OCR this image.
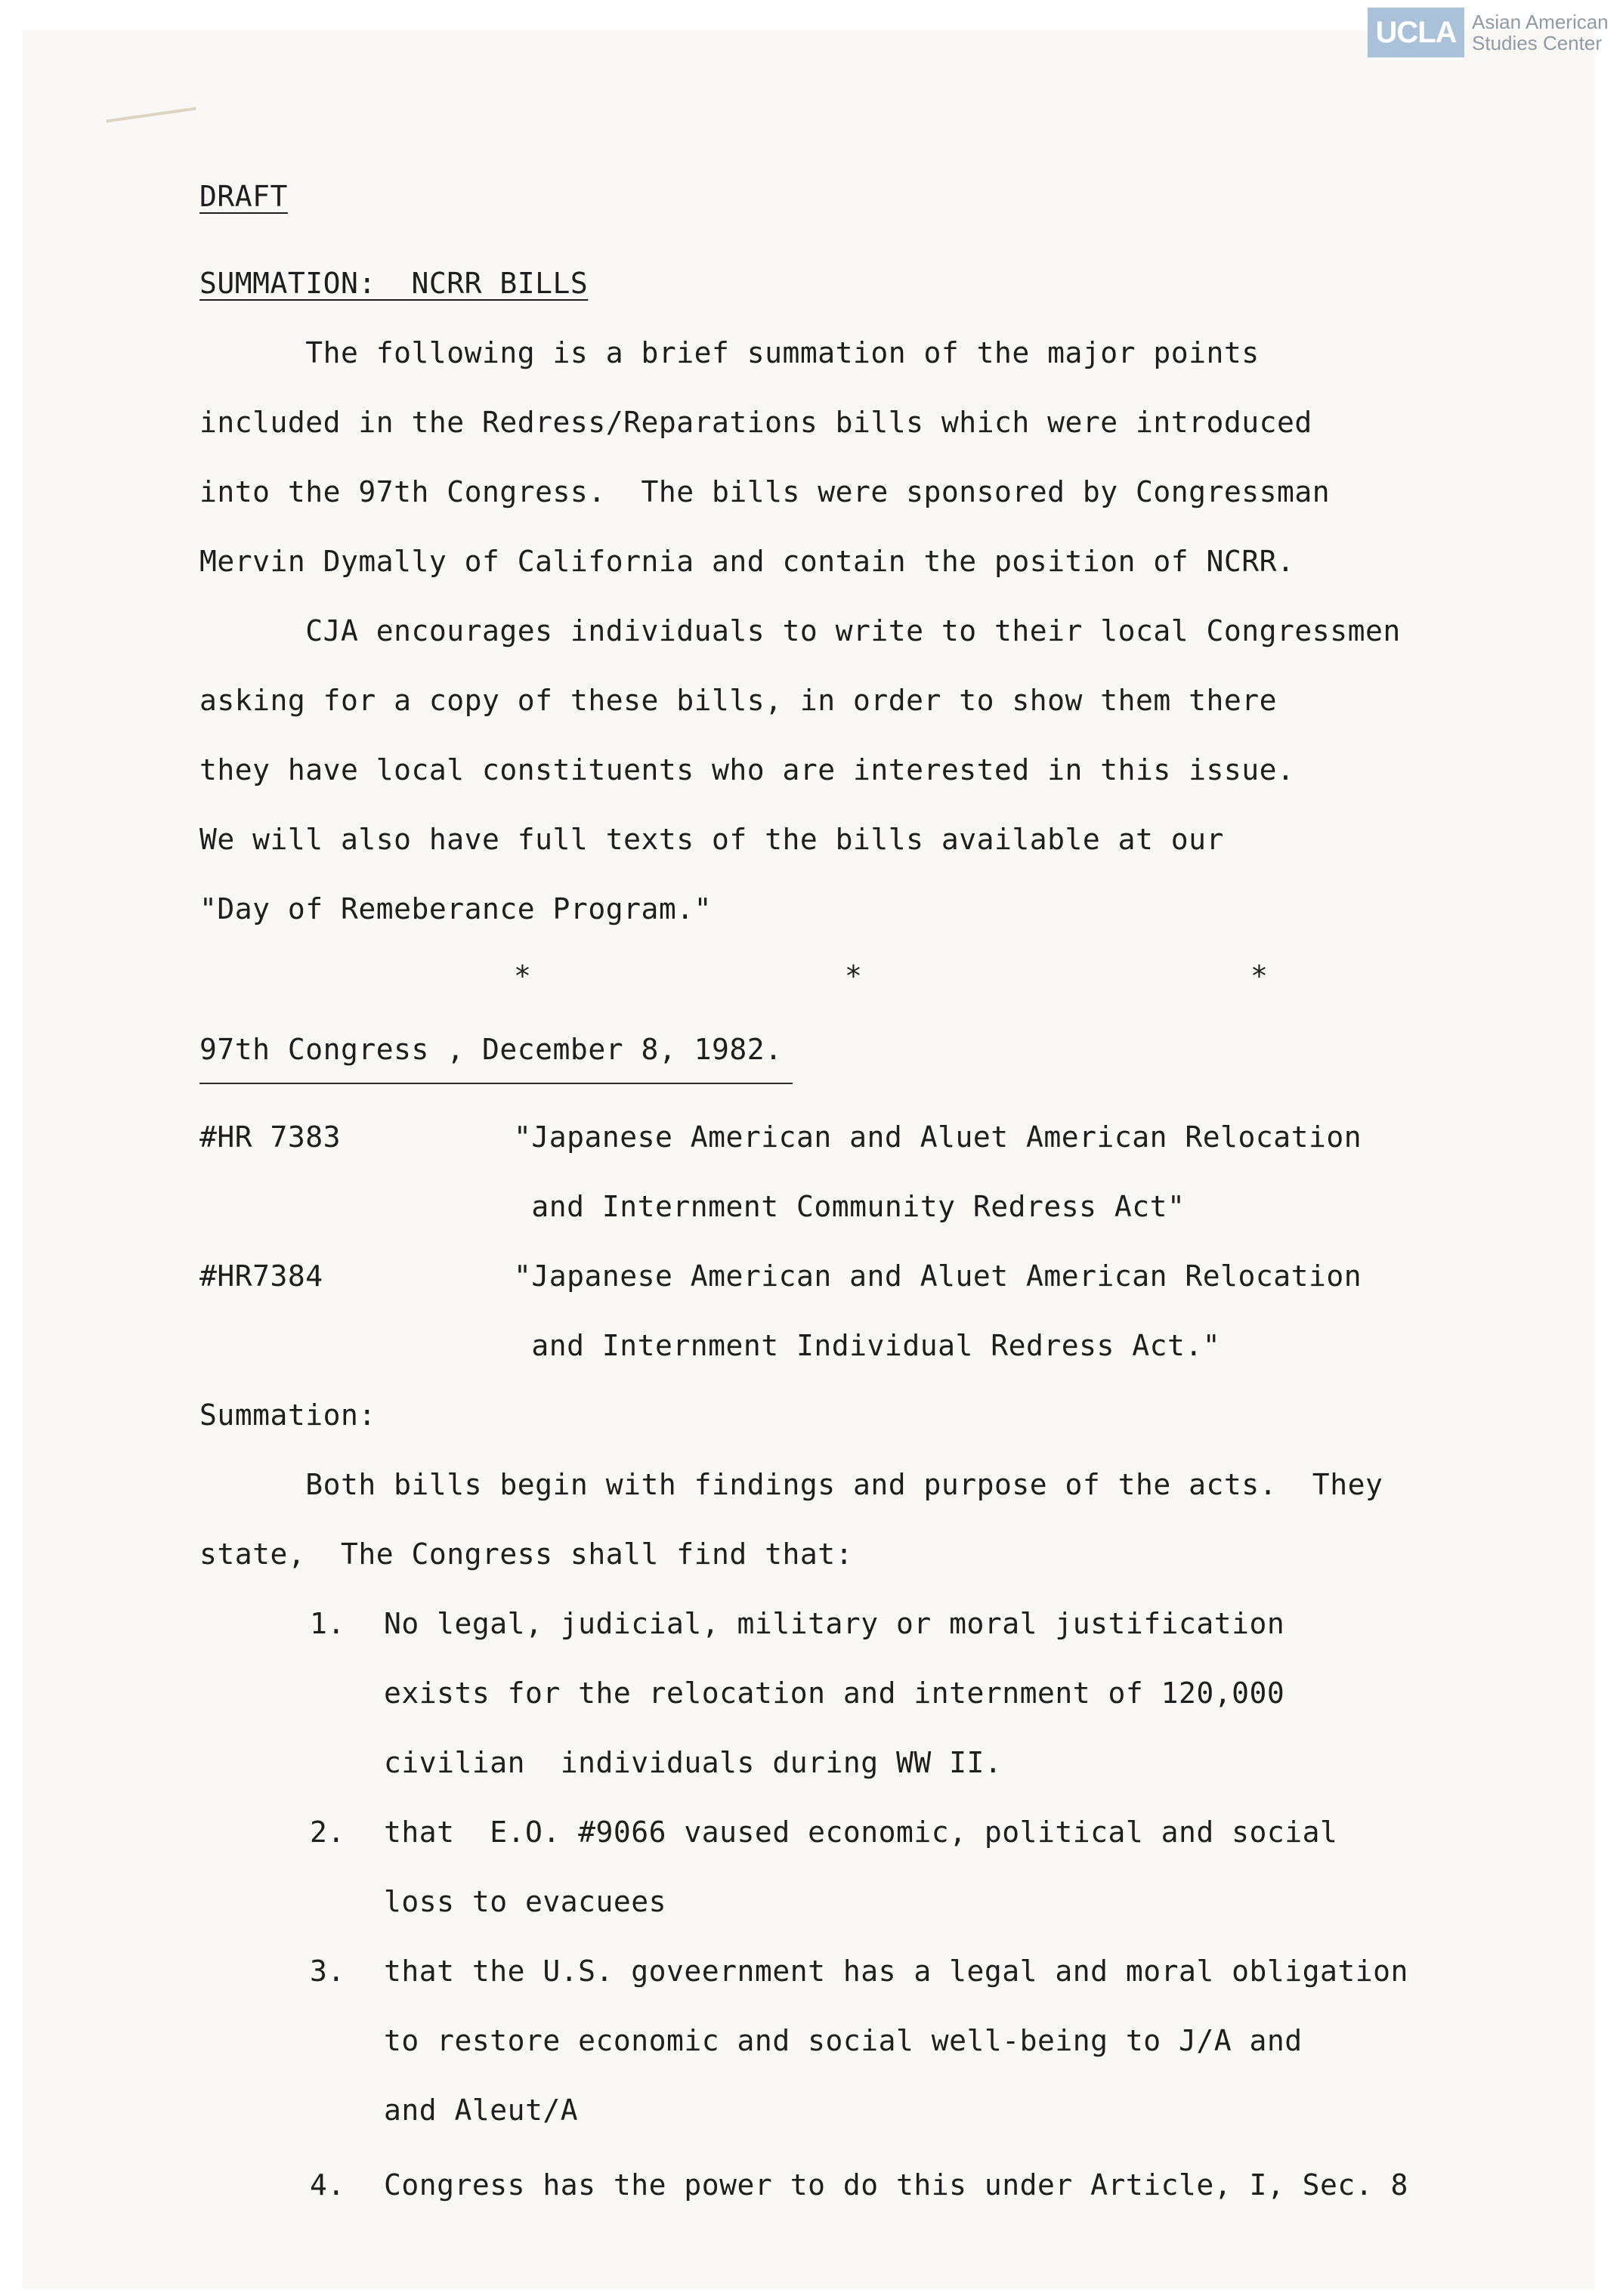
UCLA Asian American
Studies Center
DRAFT
SUMMATION:  NCRR BILLS
The following is a brief summation of the major points
included in the Redress/Reparations bills which were introduced
into the 97th Congress.  The bills were sponsored by Congressman
Mervin Dymally of California and contain the position of NCRR.
CJA encourages individuals to write to their local Congressmen
asking for a copy of these bills, in order to show them there
they have local constituents who are interested in this issue.
We will also have full texts of the bills available at our
"Day of Remeberance Program."
*	*	*
97th Congress , December 8, 1982.
#HR 7383	"Japanese American and Aluet American Relocation
and Internment Community Redress Act"
#HR7384	"Japanese American and Aluet American Relocation
and Internment Individual Redress Act."
Summation:
Both bills begin with findings and purpose of the acts.  They
state,  The Congress shall find that:
1. No legal, judicial, military or moral justification
exists for the relocation and internment of 120,000
civilian  individuals during WW II.
2. that  E.O. #9066 vaused economic, political and social
loss to evacuees
3. that the U.S. goveernment has a legal and moral obligation
to restore economic and social well-being to J/A and
and Aleut/A
4. Congress has the power to do this under Article, I, Sec. 8
